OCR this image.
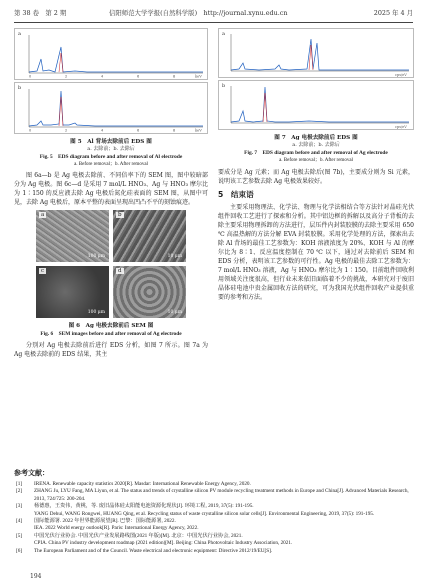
第 38 卷　第 2 期	信阳师范大学学报(自然科学版)　http://journal.xynu.edu.cn	2025 年 4 月
0	2	4	6	8	keV
a
0	2	4	6	8	keV
b
图 5　Al 背场去除前后 EDS 图
a. 去除前；b. 去除后
Fig. 5　EDS diagram before and after removal of Al electrode
a. Before removal；b. After removal

图 6a—b 是 Ag 电极去除前、不同倍率下的 SEM 图，图中较暗部分为 Ag 电极。图 6c—d 是采用 7 mol/L HNO₃、Ag 与 HNO₃ 摩尔比为 1∶150 的反应液去除 Ag 电极后氮化硅表面的 SEM 图，从图中可见，去除 Ag 电极后，原本平整的表面呈现出凹凸不平的刻蚀痕迹。

a
100 μm
b
10 μm
c
100 μm
d
10 μm
图 6　Ag 电极去除前后 SEM 图
Fig. 6　SEM images before and after removal of Ag electrode

分别对 Ag 电极去除前后进行 EDS 分析，如图 7 所示。图 7a 为 Ag 电极去除前的 EDS 结果，其主

cps/eV
a
cps/eV
b
图 7　Ag 电极去除前后 EDS 图
a. 去除前；b. 去除后
Fig. 7　EDS diagram before and after removal of Ag electrode
a. Before removal；b. After removal

要成分是 Ag 元素；而 Ag 电极去除后(图 7b)，主要成分则为 Si 元素，说明该工艺参数去除 Ag 电极效果较好。

5　结束语

主要采用物理法、化学法、物理与化学法相结合等方法针对晶硅光伏组件回收工艺进行了探索和分析。其中铝边框的拆解以及高分子背板的去除主要采用物理拆卸的方法进行，层压件内封装胶膜的去除主要采用 650 ℃ 高温热解的方法分解 EVA 封装胶膜。采用化学处理的方法，探索出去除 Al 背场的最佳工艺参数为：KOH 溶液浓度为 20%、KOH 与 Al 的摩尔比为 8∶1、反应温度控制在 70 ℃ 以下，通过对去除前后 SEM 和 EDS 分析，表明该工艺参数的可行性。Ag 电极的最佳去除工艺参数为：7 mol/L HNO₃ 溶液，Ag 与 HNO₃ 摩尔比为 1∶150。目前组件回收利用领域关注度很高，但行业未来依旧面临着不少的挑战，本研究对于废旧晶体硅电池中贵金属回收方法的研究，可为我国光伏组件回收产业提供重要的参考和方法。

参考文献：
[1] IRENA. Renewable capacity statistics 2020[R]. Masdar: International Renewable Energy Agency, 2020.
[2] ZHANG Ju, LYU Fang, MA Liyun, et al. The status and trends of crystalline silicon PV module recycling treatment methods in Europe and China[J]. Advanced Materials Research, 2013, 724/725: 200-204.
[3] 杨德惠，王贵伟，黄桃，等. 废旧晶体硅太阳能电池资源化现状[J]. 环境工程, 2019, 37(5): 191-195.
YANG Dehui, WANG Rongwei, HUANG Qing, et al. Recycling status of waste crystalline silicon solar cells[J]. Environmental Engineering, 2019, 37(5): 191-195.
[4] 国际能源署. 2022 年世界能源展望[R]. 巴黎：国际能源署, 2022.
IEA. 2022 World energy outlook[R]. Paris: International Energy Agency, 2022.
[5] 中国光伏行业协会. 中国光伏产业发展路线图(2021 年版)[M]. 北京：中国光伏行业协会, 2021.
CPIA. China PV industry development roadmap (2021 edition)[M]. Beijing: China Photovoltaic Industry Association, 2021.
[6] The European Parliament and of the Council. Waste electrical and electronic equipment: Directive 2012/19/EU[S].
194
